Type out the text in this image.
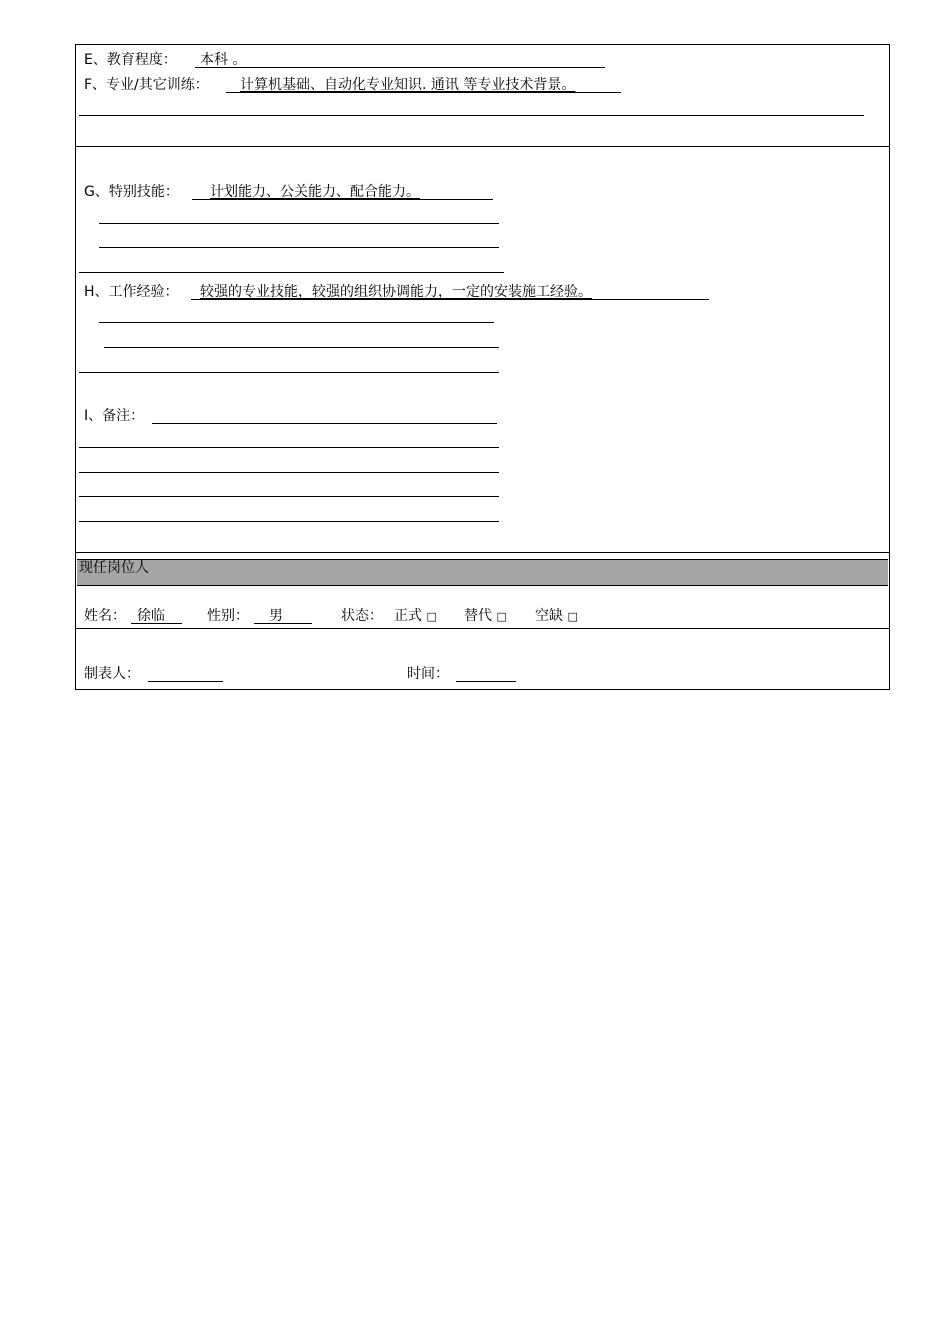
E、教育程度： 本科 。
F、专业/其它训练： 计算机基础、自动化专业知识. 通讯 等专业技术背景。
G、特别技能： 计划能力、公关能力、配合能力。
H、工作经验： 较强的专业技能，较强的组织协调能力，一定的安装施工经验。
I、备注：
现任岗位人
姓名： 徐临	性别： 男	状态： 正式 □ 替代 □ 空缺 □
制表人：	时间：
